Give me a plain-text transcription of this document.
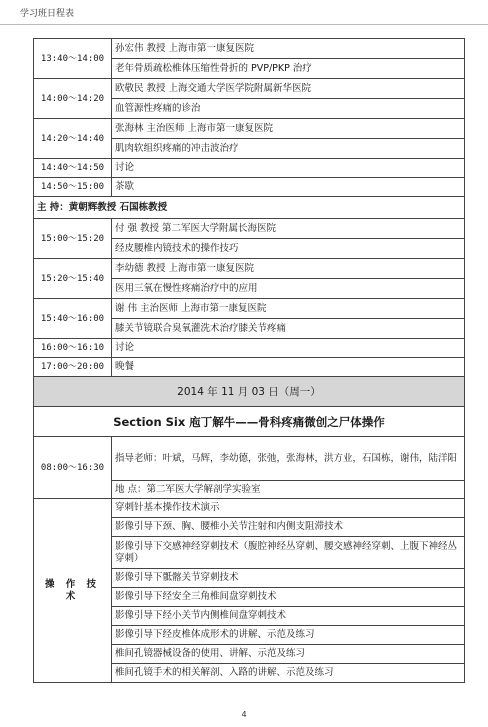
学习班日程表
13:40～14:00	孙宏伟 教授 上海市第一康复医院
	老年骨质疏松椎体压缩性骨折的 PVP/PKP 治疗
14:00～14:20	欧敬民 教授 上海交通大学医学院附属新华医院
	血管源性疼痛的诊治
14:20～14:40	张海林 主治医师 上海市第一康复医院
	肌肉软组织疼痛的冲击波治疗
14:40～14:50	讨论
14:50～15:00	茶歇
主 持：黄朝辉教授 石国栋教授	
15:00～15:20	付 强 教授 第二军医大学附属长海医院
	经皮腰椎内镜技术的操作技巧
15:20～15:40	李幼德 教授 上海市第一康复医院
	医用三氧在慢性疼痛治疗中的应用
15:40～16:00	谢 伟 主治医师 上海市第一康复医院
	膝关节镜联合臭氧灌洗术治疗膝关节疼痛
16:00～16:10	讨论
17:00～20:00	晚餐
2014 年 11 月 03 日（周一）	
Section Six 庖丁解牛——骨科疼痛微创之尸体操作	
08:00～16:30	指导老师：叶斌，马辉，李幼德，张弛，张海林，洪方业，石国栋，谢伟，陆洋阳
	地 点：第二军医大学解剖学实验室
操 作 技 术	穿刺针基本操作技术演示
	影像引导下颈、胸、腰椎小关节注射和内侧支阻滞技术
	影像引导下交感神经穿刺技术（腹腔神经丛穿刺、腰交感神经穿刺、上腹下神经丛穿刺）
	影像引导下骶髂关节穿刺技术
	影像引导下经安全三角椎间盘穿刺技术
	影像引导下经小关节内侧椎间盘穿刺技术
	影像引导下经皮椎体成形术的讲解、示范及练习
	椎间孔镜器械设备的使用、讲解、示范及练习
	椎间孔镜手术的相关解剖、入路的讲解、示范及练习
4
